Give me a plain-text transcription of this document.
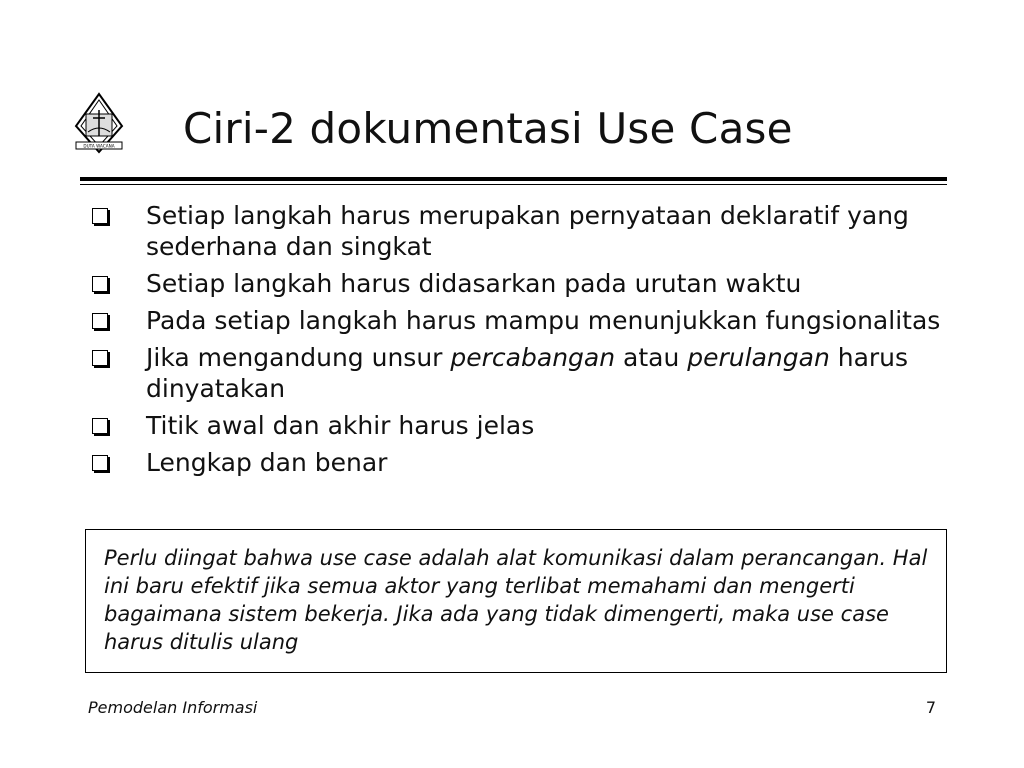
DUTA WACANA Ciri-2 dokumentasi Use Case
Setiap langkah harus merupakan pernyataan deklaratif yang sederhana dan singkat
Setiap langkah harus didasarkan pada urutan waktu
Pada setiap langkah harus mampu menunjukkan fungsionalitas
Jika mengandung unsur percabangan atau perulangan harus dinyatakan
Titik awal dan akhir harus jelas
Lengkap dan benar

Perlu diingat bahwa use case adalah alat komunikasi dalam perancangan. Hal ini baru efektif jika semua aktor yang terlibat memahami dan mengerti bagaimana sistem bekerja. Jika ada yang tidak dimengerti, maka use case harus ditulis ulang

Pemodelan Informasi	7
